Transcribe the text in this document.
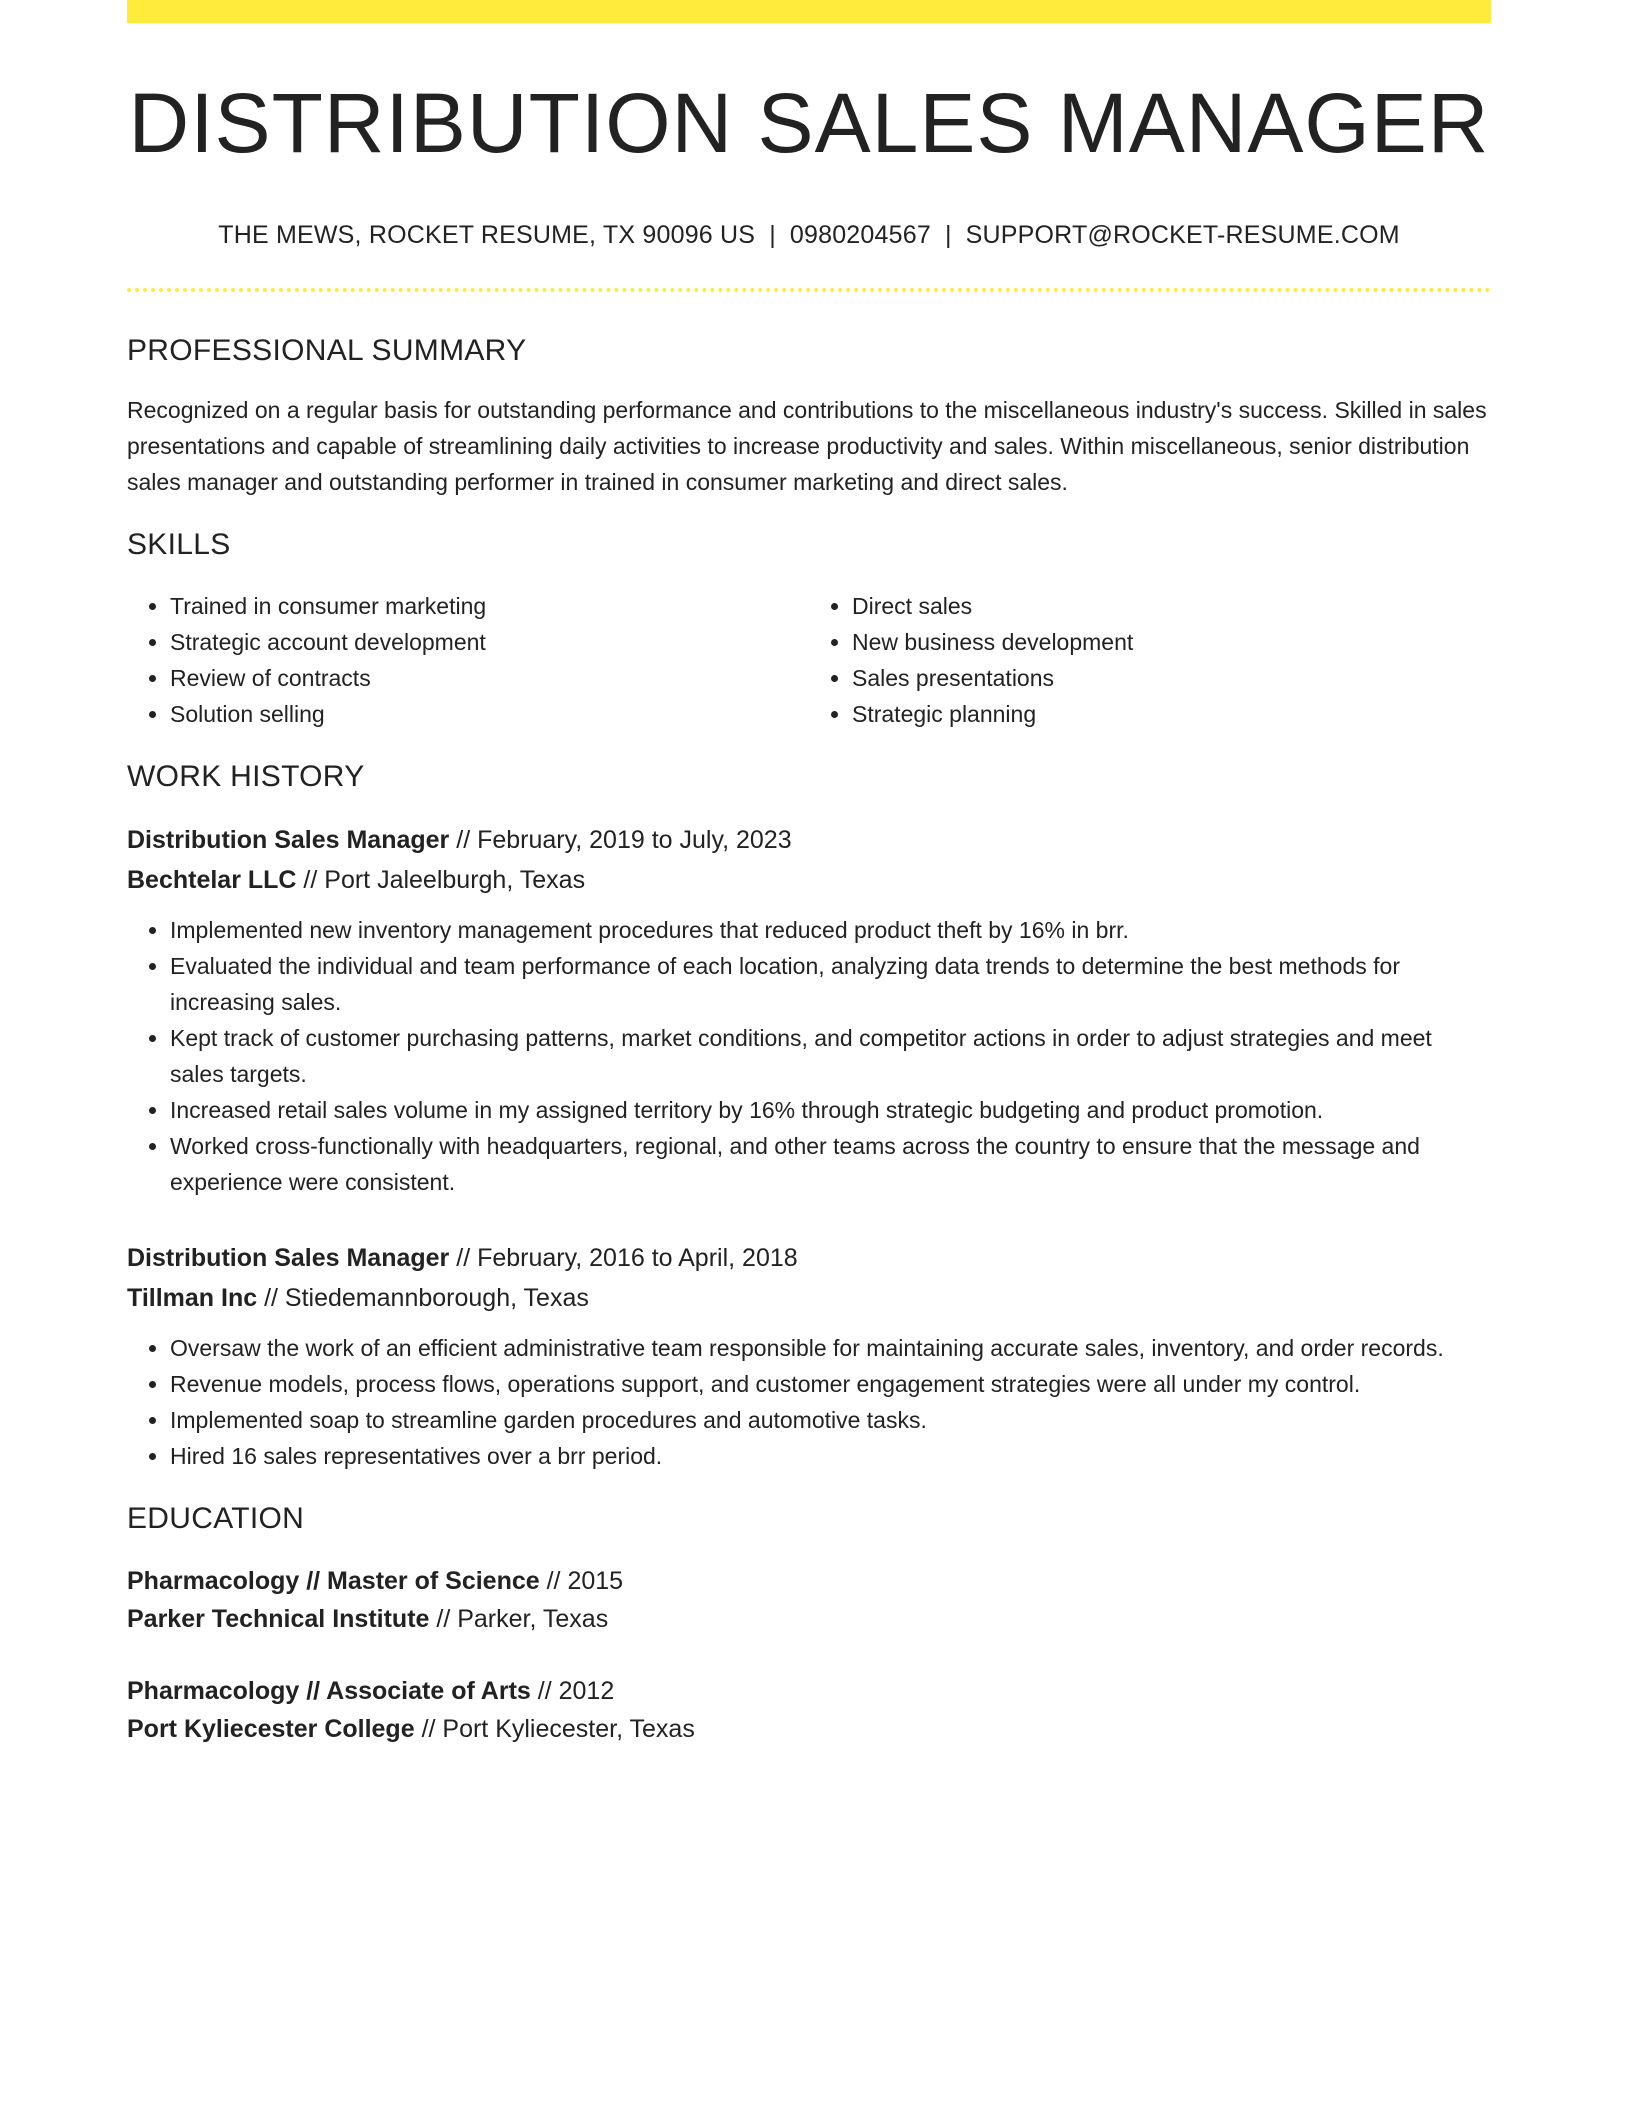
DISTRIBUTION SALES MANAGER
THE MEWS, ROCKET RESUME, TX 90096 US | 0980204567 | SUPPORT@ROCKET-RESUME.COM
PROFESSIONAL SUMMARY

Recognized on a regular basis for outstanding performance and contributions to the miscellaneous industry's success. Skilled in sales presentations and capable of streamlining daily activities to increase productivity and sales. Within miscellaneous, senior distribution sales manager and outstanding performer in trained in consumer marketing and direct sales.

SKILLS
• Trained in consumer marketing
• Strategic account development
• Review of contracts
• Solution selling
• Direct sales
• New business development
• Sales presentations
• Strategic planning
WORK HISTORY
Distribution Sales Manager // February, 2019 to July, 2023
Bechtelar LLC // Port Jaleelburgh, Texas
• Implemented new inventory management procedures that reduced product theft by 16% in brr.
• Evaluated the individual and team performance of each location, analyzing data trends to determine the best methods for increasing sales.
• Kept track of customer purchasing patterns, market conditions, and competitor actions in order to adjust strategies and meet sales targets.
• Increased retail sales volume in my assigned territory by 16% through strategic budgeting and product promotion.
• Worked cross-functionally with headquarters, regional, and other teams across the country to ensure that the message and experience were consistent.
Distribution Sales Manager // February, 2016 to April, 2018
Tillman Inc // Stiedemannborough, Texas
• Oversaw the work of an efficient administrative team responsible for maintaining accurate sales, inventory, and order records.
• Revenue models, process flows, operations support, and customer engagement strategies were all under my control.
• Implemented soap to streamline garden procedures and automotive tasks.
• Hired 16 sales representatives over a brr period.
EDUCATION
Pharmacology // Master of Science // 2015
Parker Technical Institute // Parker, Texas
Pharmacology // Associate of Arts // 2012
Port Kyliecester College // Port Kyliecester, Texas
